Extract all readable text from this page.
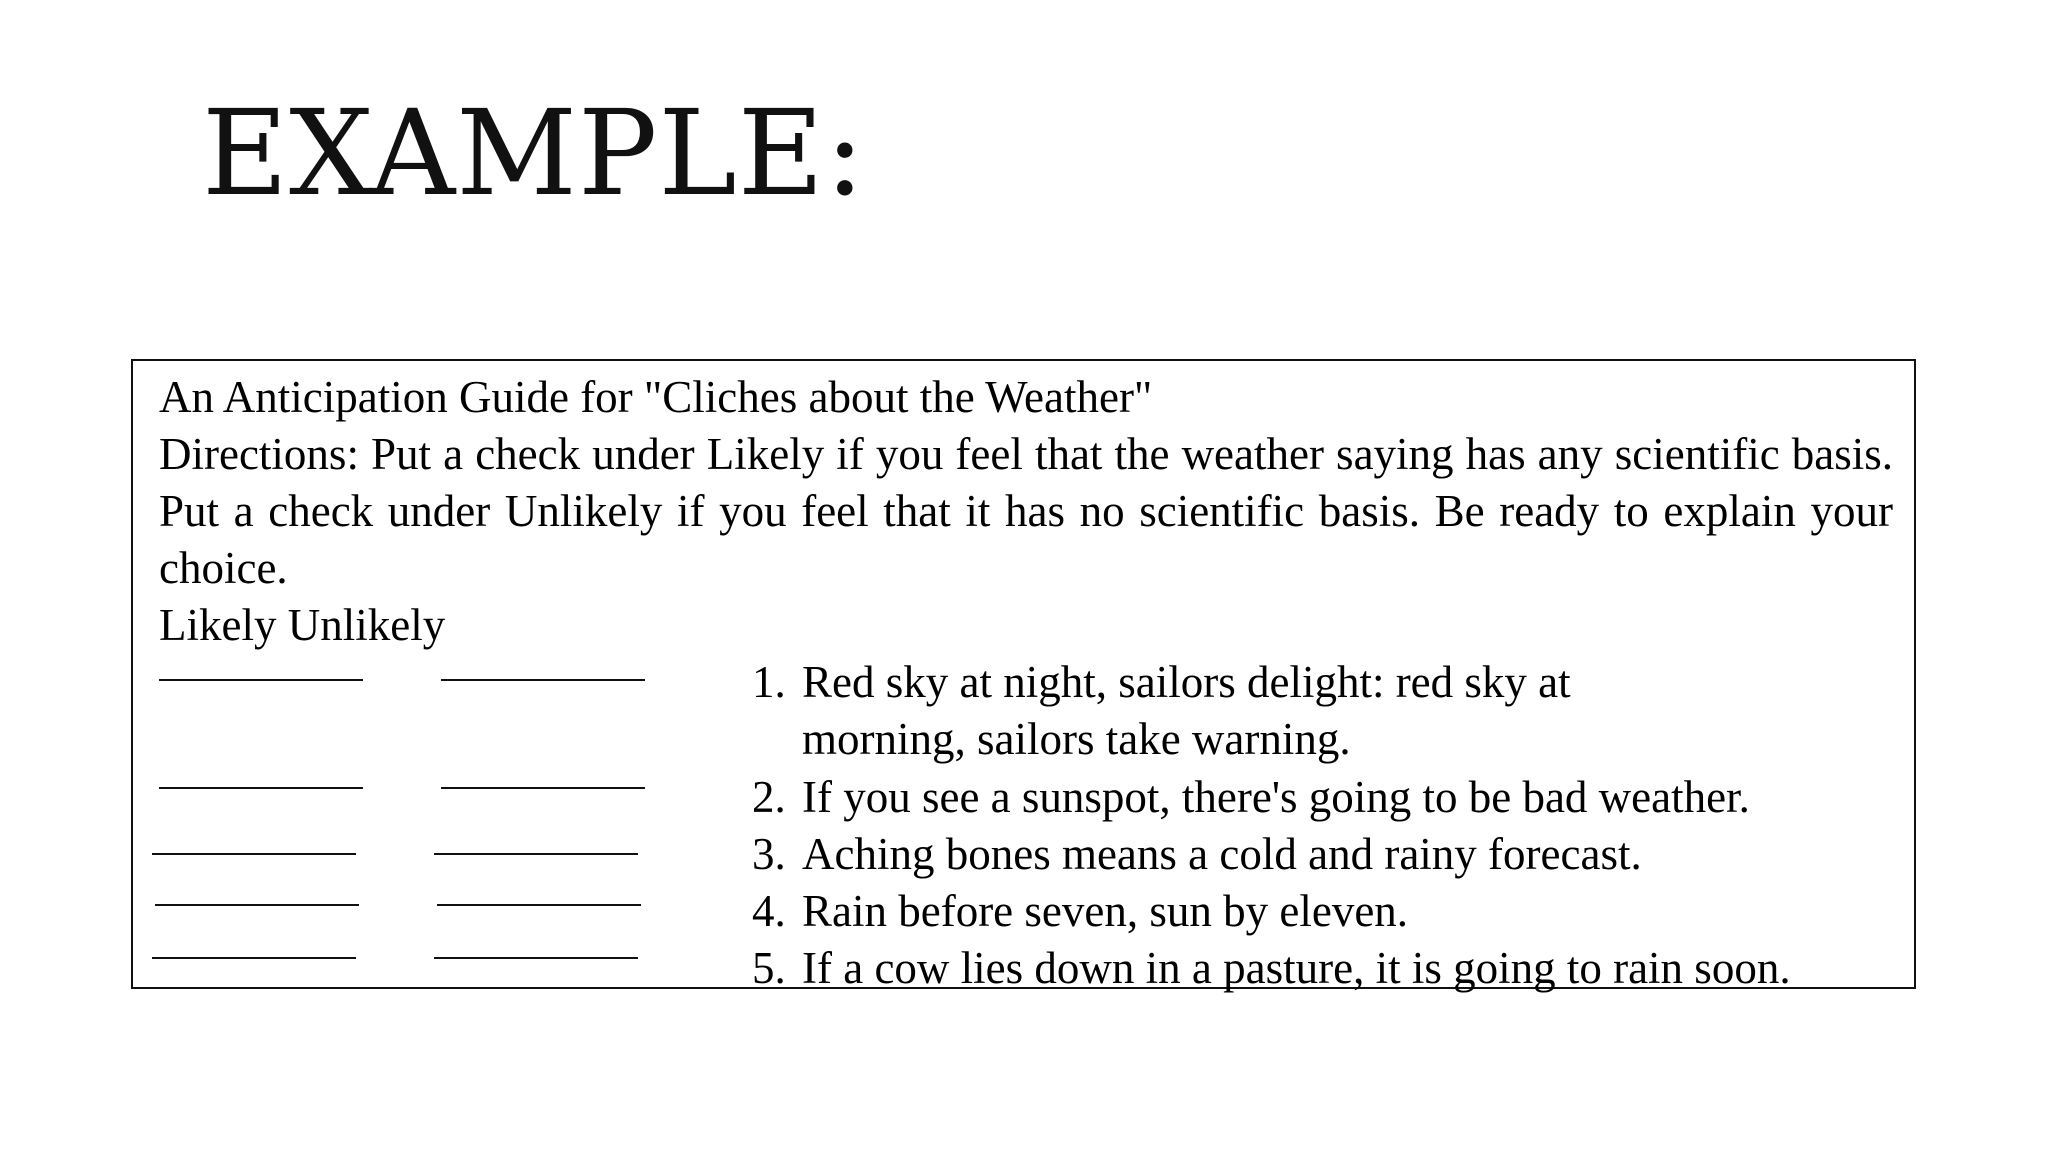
EXAMPLE:

An Anticipation Guide for "Cliches about the Weather"

Directions: Put a check under Likely if you feel that the weather saying has any scientific basis. Put a check under Unlikely if you feel that it has no scientific basis. Be ready to explain your choice.

Likely Unlikely

1. Red sky at night, sailors delight: red sky at
morning, sailors take warning.

2. If you see a sunspot, there's going to be bad weather.

3. Aching bones means a cold and rainy forecast.

4. Rain before seven, sun by eleven.

5. If a cow lies down in a pasture, it is going to rain soon.
